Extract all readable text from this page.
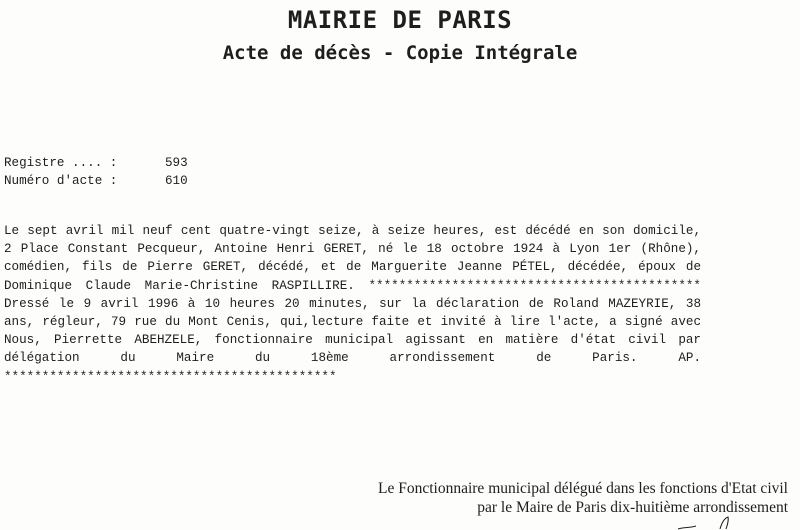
MAIRIE DE PARIS
Acte de décès - Copie Intégrale
Registre .... :	593
Numéro d'acte :	610

Le sept avril mil neuf cent quatre-vingt seize, à seize heures, est décédé en son domicile, 2 Place Constant Pecqueur, Antoine Henri GERET, né le 18 octobre 1924 à Lyon 1er (Rhône), comédien, fils de Pierre GERET, décédé, et de Marguerite Jeanne PÉTEL, décédée, époux de Dominique Claude Marie-Christine RASPILLIRE. ******************************************** Dressé le 9 avril 1996 à 10 heures 20 minutes, sur la déclaration de Roland MAZEYRIE, 38 ans, régleur, 79 rue du Mont Cenis, qui,lecture faite et invité à lire l'acte, a signé avec Nous, Pierrette ABEHZELE, fonctionnaire municipal agissant en matière d'état civil par délégation du Maire du 18ème arrondissement de Paris. AP. ********************************************

Le Fonctionnaire municipal délégué dans les fonctions d'Etat civil
par le Maire de Paris dix-huitième arrondissement
